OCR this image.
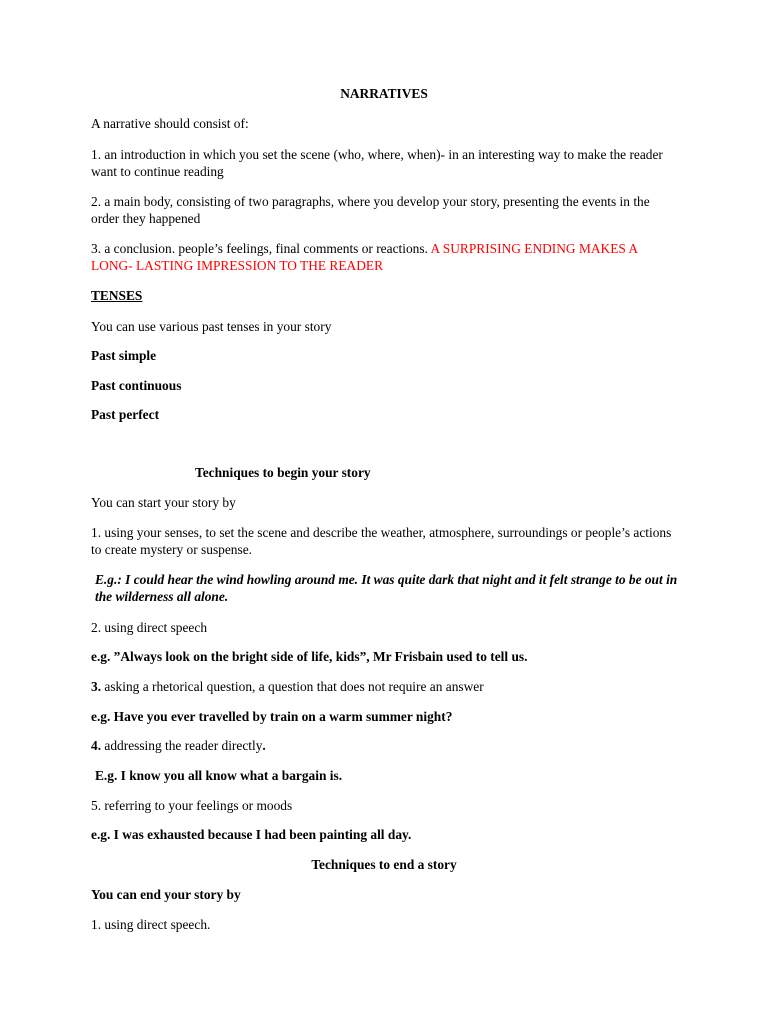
NARRATIVES

A narrative should consist of:

1. an introduction in which you set the scene (who, where, when)- in an interesting way to make the reader want to continue reading

2. a main body, consisting of two paragraphs, where you develop your story, presenting the events in the order they happened

3. a conclusion. people’s feelings, final comments or reactions. A SURPRISING ENDING MAKES A LONG- LASTING IMPRESSION TO THE READER

TENSES

You can use various past tenses in your story

Past simple

Past continuous

Past perfect

Techniques to begin your story

You can start your story by

1. using your senses, to set the scene and describe the weather, atmosphere, surroundings or people’s actions to create mystery or suspense.

E.g.: I could hear the wind howling around me. It was quite dark that night and it felt strange to be out in the wilderness all alone.

2. using direct speech

e.g. ”Always look on the bright side of life, kids”, Mr Frisbain used to tell us.

3. asking a rhetorical question, a question that does not require an answer

e.g. Have you ever travelled by train on a warm summer night?

4. addressing the reader directly.

E.g. I know you all know what a bargain is.

5. referring to your feelings or moods

e.g. I was exhausted because I had been painting all day.

Techniques to end a story

You can end your story by

1. using direct speech.
